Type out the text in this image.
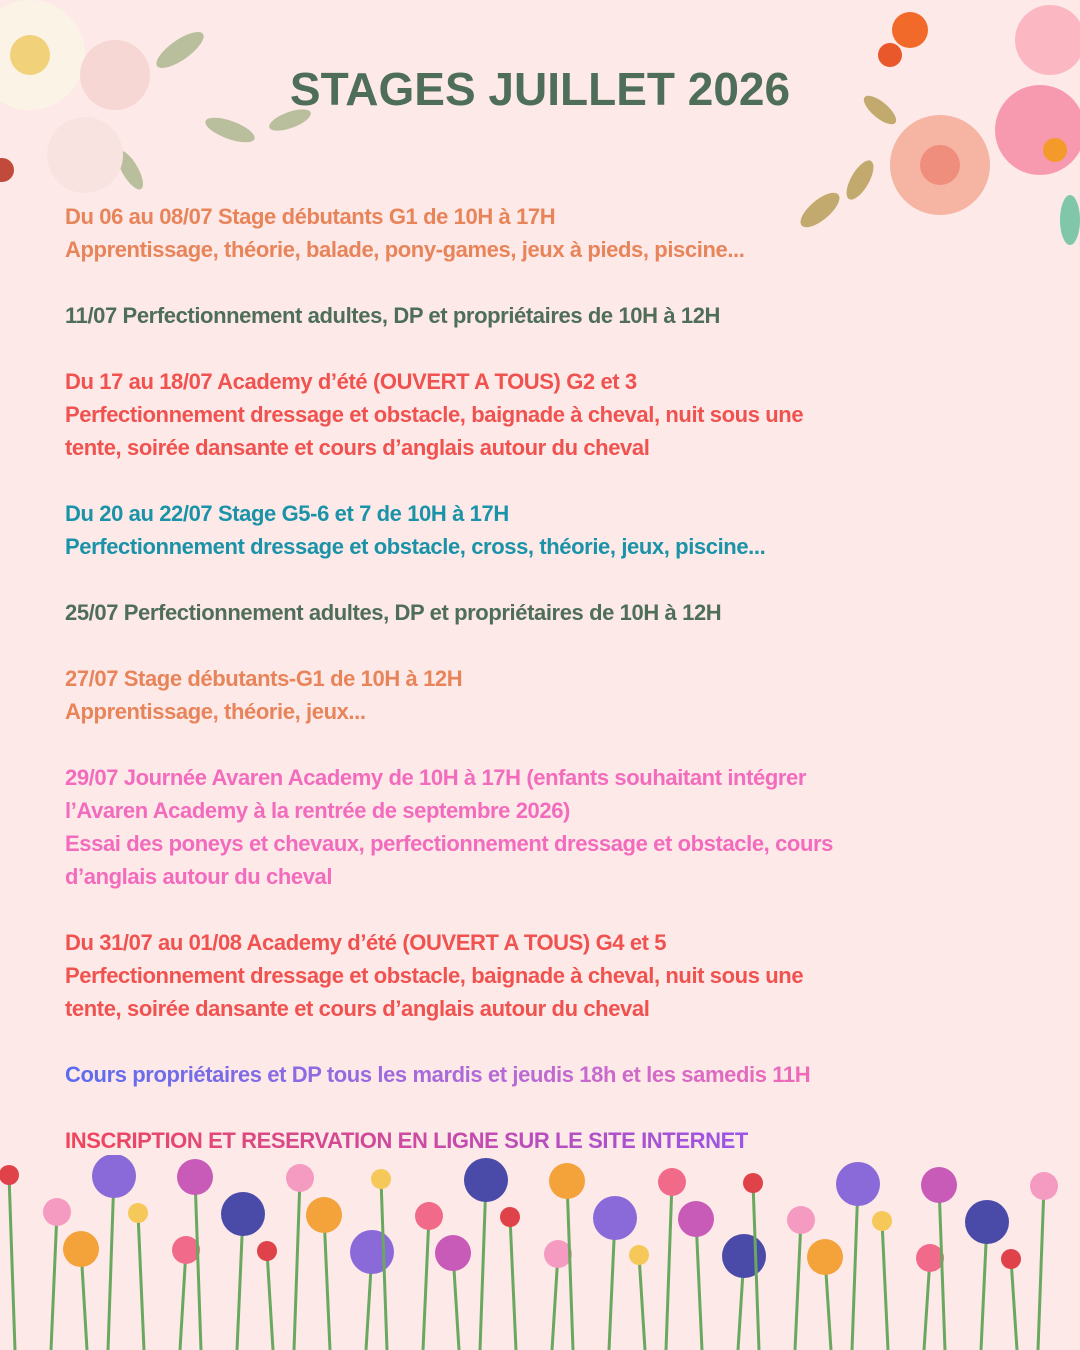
STAGES JUILLET 2026
Du 06 au 08/07 Stage débutants G1 de 10H à 17H
Apprentissage, théorie, balade, pony-games, jeux à pieds, piscine...
11/07 Perfectionnement adultes, DP et propriétaires de 10H à 12H
Du 17 au 18/07 Academy d’été (OUVERT A TOUS) G2 et 3
Perfectionnement dressage et obstacle, baignade à cheval, nuit sous une
tente, soirée dansante et cours d’anglais autour du cheval
Du 20 au 22/07 Stage G5-6 et 7 de 10H à 17H
Perfectionnement dressage et obstacle, cross, théorie, jeux, piscine...
25/07 Perfectionnement adultes, DP et propriétaires de 10H à 12H
27/07 Stage débutants-G1 de 10H à 12H
Apprentissage, théorie, jeux...
29/07 Journée Avaren Academy de 10H à 17H (enfants souhaitant intégrer
l’Avaren Academy à la rentrée de septembre 2026)
Essai des poneys et chevaux, perfectionnement dressage et obstacle, cours
d’anglais autour du cheval
Du 31/07 au 01/08 Academy d’été (OUVERT A TOUS) G4 et 5
Perfectionnement dressage et obstacle, baignade à cheval, nuit sous une
tente, soirée dansante et cours d’anglais autour du cheval
Cours propriétaires et DP tous les mardis et jeudis 18h et les samedis 11H
INSCRIPTION ET RESERVATION EN LIGNE SUR LE SITE INTERNET
